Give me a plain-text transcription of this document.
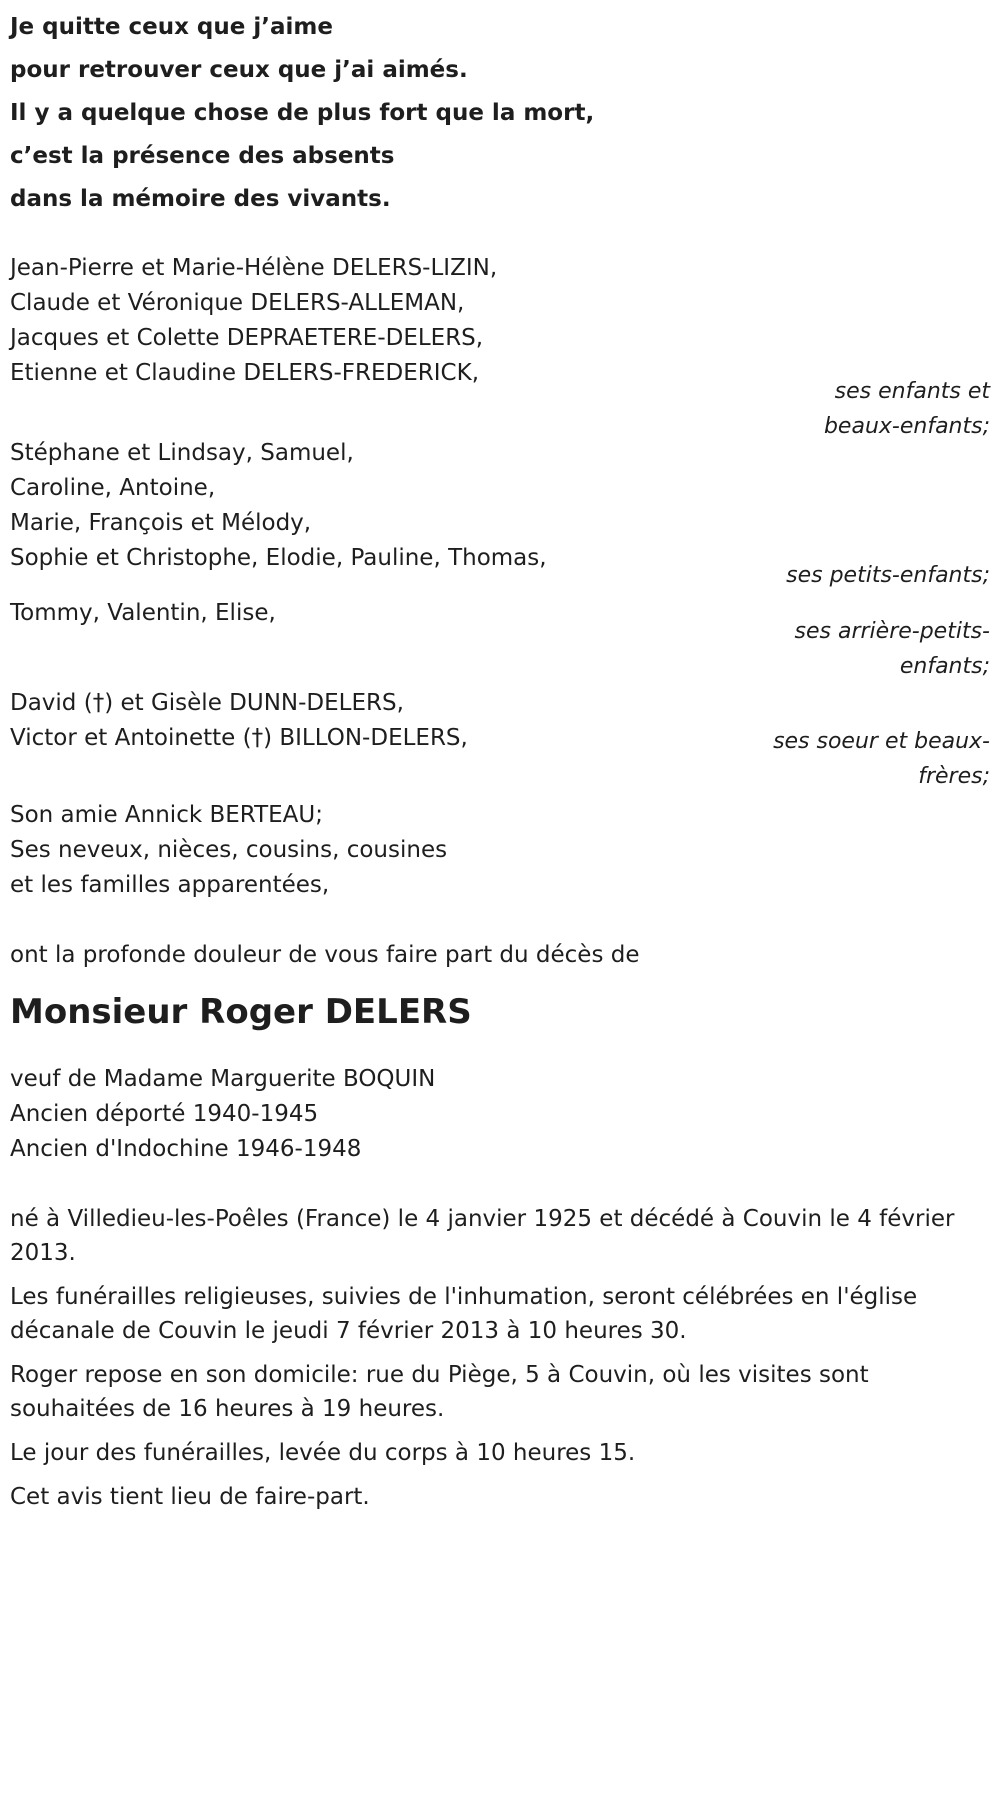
Je quitte ceux que j’aime
pour retrouver ceux que j’ai aimés.
Il y a quelque chose de plus fort que la mort,
c’est la présence des absents
dans la mémoire des vivants.
Jean-Pierre et Marie-Hélène DELERS-LIZIN,
Claude et Véronique DELERS-ALLEMAN,
Jacques et Colette DEPRAETERE-DELERS,
Etienne et Claudine DELERS-FREDERICK,
ses enfants et
beaux-enfants;
Stéphane et Lindsay, Samuel,
Caroline, Antoine,
Marie, François et Mélody,
Sophie et Christophe, Elodie, Pauline, Thomas,
ses petits-enfants;
Tommy, Valentin, Elise,
ses arrière-petits-
enfants;
David (†) et Gisèle DUNN-DELERS,
Victor et Antoinette (†) BILLON-DELERS,	ses soeur et beaux-
frères;
Son amie Annick BERTEAU;
Ses neveux, nièces, cousins, cousines
et les familles apparentées,
ont la profonde douleur de vous faire part du décès de
Monsieur Roger DELERS
veuf de Madame Marguerite BOQUIN
Ancien déporté 1940-1945
Ancien d'Indochine 1946-1948

né à Villedieu-les-Poêles (France) le 4 janvier 1925 et décédé à Couvin le 4 février 2013.

Les funérailles religieuses, suivies de l'inhumation, seront célébrées en l'église décanale de Couvin le jeudi 7 février 2013 à 10 heures 30.

Roger repose en son domicile: rue du Piège, 5 à Couvin, où les visites sont souhaitées de 16 heures à 19 heures.

Le jour des funérailles, levée du corps à 10 heures 15.

Cet avis tient lieu de faire-part.
